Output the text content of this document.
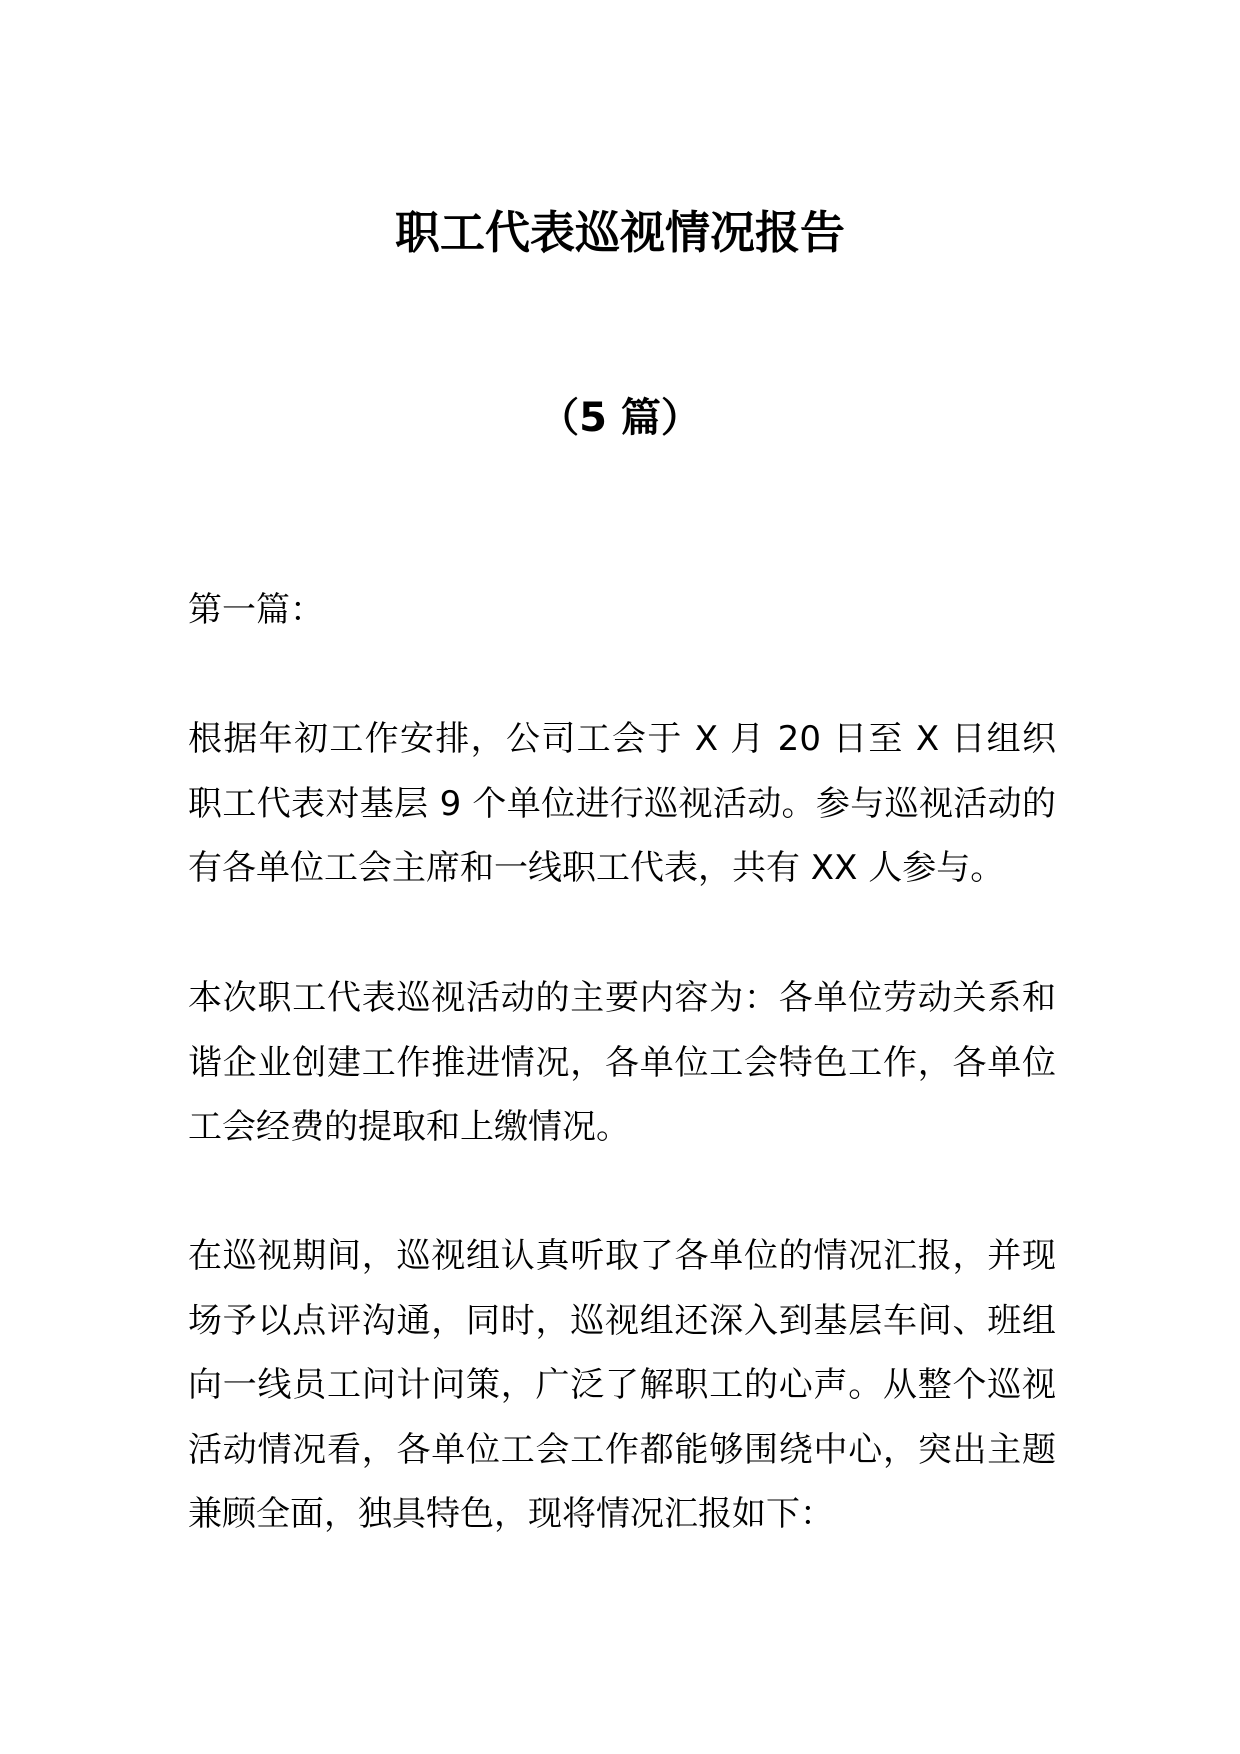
职工代表巡视情况报告
（5 篇）
第一篇：
根据年初工作安排，公司工会于 X 月 20 日至 X 日组织职工代表对基层 9 个单位进行巡视活动。参与巡视活动的有各单位工会主席和一线职工代表，共有 XX 人参与。
本次职工代表巡视活动的主要内容为：各单位劳动关系和谐企业创建工作推进情况，各单位工会特色工作，各单位工会经费的提取和上缴情况。
在巡视期间，巡视组认真听取了各单位的情况汇报，并现场予以点评沟通，同时，巡视组还深入到基层车间、班组向一线员工问计问策，广泛了解职工的心声。从整个巡视活动情况看，各单位工会工作都能够围绕中心，突出主题兼顾全面，独具特色，现将情况汇报如下：
